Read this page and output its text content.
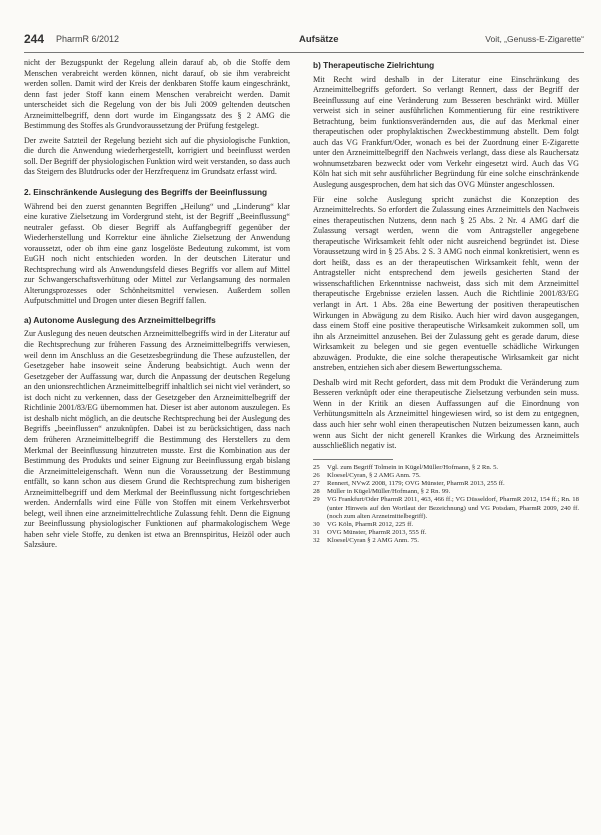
244 PharmR 6/2012	Aufsätze	Voit, „Genuss-E-Zigarette“

nicht der Bezugspunkt der Regelung allein darauf ab, ob die Stoffe dem Menschen verabreicht werden können, nicht darauf, ob sie ihm verabreicht werden sollen. Damit wird der Kreis der denkbaren Stoffe kaum eingeschränkt, denn fast jeder Stoff kann einem Menschen verabreicht werden. Damit unterscheidet sich die Regelung von der bis Juli 2009 geltenden deutschen Arzneimittelbegriff, denn dort wurde im Eingangssatz des § 2 AMG die Bestimmung des Stoffes als Grundvoraussetzung der Prüfung festgelegt.

Der zweite Satzteil der Regelung bezieht sich auf die physiologische Funktion, die durch die Anwendung wiederhergestellt, korrigiert und beeinflusst werden soll. Der Begriff der physiologischen Funktion wird weit verstanden, so dass auch das Steigern des Blutdrucks oder der Herzfrequenz im Grundsatz erfasst wird.

2. Einschränkende Auslegung des Begriffs der Beeinflussung

Während bei den zuerst genannten Begriffen „Heilung“ und „Linderung“ klar eine kurative Zielsetzung im Vordergrund steht, ist der Begriff „Beeinflussung“ neutraler gefasst. Ob dieser Begriff als Auffangbegriff gegenüber der Wiederherstellung und Korrektur eine ähnliche Zielsetzung der Anwendung voraussetzt, oder ob ihm eine ganz losgelöste Bedeutung zukommt, ist vom EuGH noch nicht entschieden worden. In der deutschen Literatur und Rechtsprechung wird als Anwendungsfeld dieses Begriffs vor allem auf Mittel zur Schwangerschaftsverhütung oder Mittel zur Verlangsamung des normalen Alterungsprozesses oder Schönheitsmittel verwiesen. Außerdem sollen Aufputschmittel und Drogen unter diesen Begriff fallen.

a) Autonome Auslegung des Arzneimittelbegriffs

Zur Auslegung des neuen deutschen Arzneimittelbegriffs wird in der Literatur auf die Rechtsprechung zur früheren Fassung des Arzneimittelbegriffs verwiesen, weil denn im Anschluss an die Gesetzesbegründung die These aufzustellen, der Gesetzgeber habe insoweit seine Änderung beabsichtigt. Auch wenn der Gesetzgeber der Auffassung war, durch die Anpassung der deutschen Regelung an den unionsrechtlichen Arzneimittelbegriff inhaltlich sei nicht viel verändert, so ist doch nicht zu verkennen, dass der Gesetzgeber den Arzneimittelbegriff der Richtlinie 2001/83/EG übernommen hat. Dieser ist aber autonom auszulegen. Es ist deshalb nicht möglich, an die deutsche Rechtsprechung bei der Auslegung des Begriffs „beeinflussen“ anzuknüpfen. Dabei ist zu berücksichtigen, dass nach dem früheren Arzneimittelbegriff die Bestimmung des Herstellers zu dem Merkmal der Beeinflussung hinzutreten musste. Erst die Kombination aus der Bestimmung des Produkts und seiner Eignung zur Beeinflussung ergab bislang die Arzneimitteleigenschaft. Wenn nun die Voraussetzung der Bestimmung entfällt, so kann schon aus diesem Grund die Rechtsprechung zum bisherigen Arzneimittelbegriff und dem Merkmal der Beeinflussung nicht fortgeschrieben werden. Andernfalls wird eine Fülle von Stoffen mit einem Verkehrsverbot belegt, weil ihnen eine arzneimittelrechtliche Zulassung fehlt. Denn die Eignung zur Beeinflussung physiologischer Funktionen auf pharmakologischem Wege haben sehr viele Stoffe, zu denken ist etwa an Brennspiritus, Heizöl oder auch Salzsäure.

b) Therapeutische Zielrichtung

Mit Recht wird deshalb in der Literatur eine Einschränkung des Arzneimittelbegriffs gefordert. So verlangt Rennert, dass der Begriff der Beeinflussung auf eine Veränderung zum Besseren beschränkt wird. Müller verweist sich in seiner ausführlichen Kommentierung für eine restriktivere Betrachtung, beim funktionsverändernden aus, die auf das Merkmal einer therapeutischen oder prophylaktischen Zweckbestimmung abstellt. Dem folgt auch das VG Frankfurt/Oder, wonach es bei der Zuordnung einer E-Zigarette unter den Arzneimittelbegriff den Nachweis verlangt, dass diese als Rauchersatz wohnumsetzbaren bezweckt oder vom Verkehr eingesetzt wird. Auch das VG Köln hat sich mit sehr ausführlicher Begründung für eine solche einschränkende Auslegung ausgesprochen, dem hat sich das OVG Münster angeschlossen.

Für eine solche Auslegung spricht zunächst die Konzeption des Arzneimittelrechts. So erfordert die Zulassung eines Arzneimittels den Nachweis eines therapeutischen Nutzens, denn nach § 25 Abs. 2 Nr. 4 AMG darf die Zulassung versagt werden, wenn die vom Antragsteller angegebene therapeutische Wirksamkeit fehlt oder nicht ausreichend begründet ist. Diese Voraussetzung wird in § 25 Abs. 2 S. 3 AMG noch einmal konkretisiert, wenn es dort heißt, dass es an der therapeutischen Wirksamkeit fehlt, wenn der Antragsteller nicht entsprechend dem jeweils gesicherten Stand der wissenschaftlichen Erkenntnisse nachweist, dass sich mit dem Arzneimittel therapeutische Ergebnisse erzielen lassen. Auch die Richtlinie 2001/83/EG verlangt in Art. 1 Abs. 28a eine Bewertung der positiven therapeutischen Wirkungen in Abwägung zu dem Risiko. Auch hier wird davon ausgegangen, dass einem Stoff eine positive therapeutische Wirksamkeit zukommen soll, um ihn als Arzneimittel anzusehen. Bei der Zulassung geht es gerade darum, diese Wirksamkeit zu belegen und sie gegen eventuelle schädliche Wirkungen abzuwägen. Produkte, die eine solche therapeutische Wirksamkeit gar nicht anstreben, entziehen sich aber diesem Bewertungsschema.

Deshalb wird mit Recht gefordert, dass mit dem Produkt die Veränderung zum Besseren verknüpft oder eine therapeutische Zielsetzung verbunden sein muss. Wenn in der Kritik an diesen Auffassungen auf die Einordnung von Verhütungsmitteln als Arzneimittel hingewiesen wird, so ist dem zu entgegnen, dass auch hier sehr wohl einen therapeutischen Nutzen beizumessen kann, auch wenn aus Sicht der nicht generell Krankes die Wirkung des Arzneimittels ausschließlich negativ ist.

25	Vgl. zum Begriff Tolmein in Kügel/Müller/Hofmann, § 2 Rn. 5.
26	Kloesel/Cyran, § 2 AMG Anm. 75.
27	Rennert, NVwZ 2008, 1179; OVG Münster, PharmR 2013, 255 ff.
28	Müller in Kügel/Müller/Hofmann, § 2 Rn. 99.
29	VG Frankfurt/Oder PharmR 2011, 463, 466 ff.; VG Düsseldorf, PharmR 2012, 154 ff.; Rn. 18 (unter Hinweis auf den Wortlaut der Bezeichnung) und VG Potsdam, PharmR 2009, 240 ff. (noch zum alten Arzneimittelbegriff).
30	VG Köln, PharmR 2012, 225 ff.
31	OVG Münster, PharmR 2013, 555 ff.
32	Kloesel/Cyran § 2 AMG Anm. 75.
